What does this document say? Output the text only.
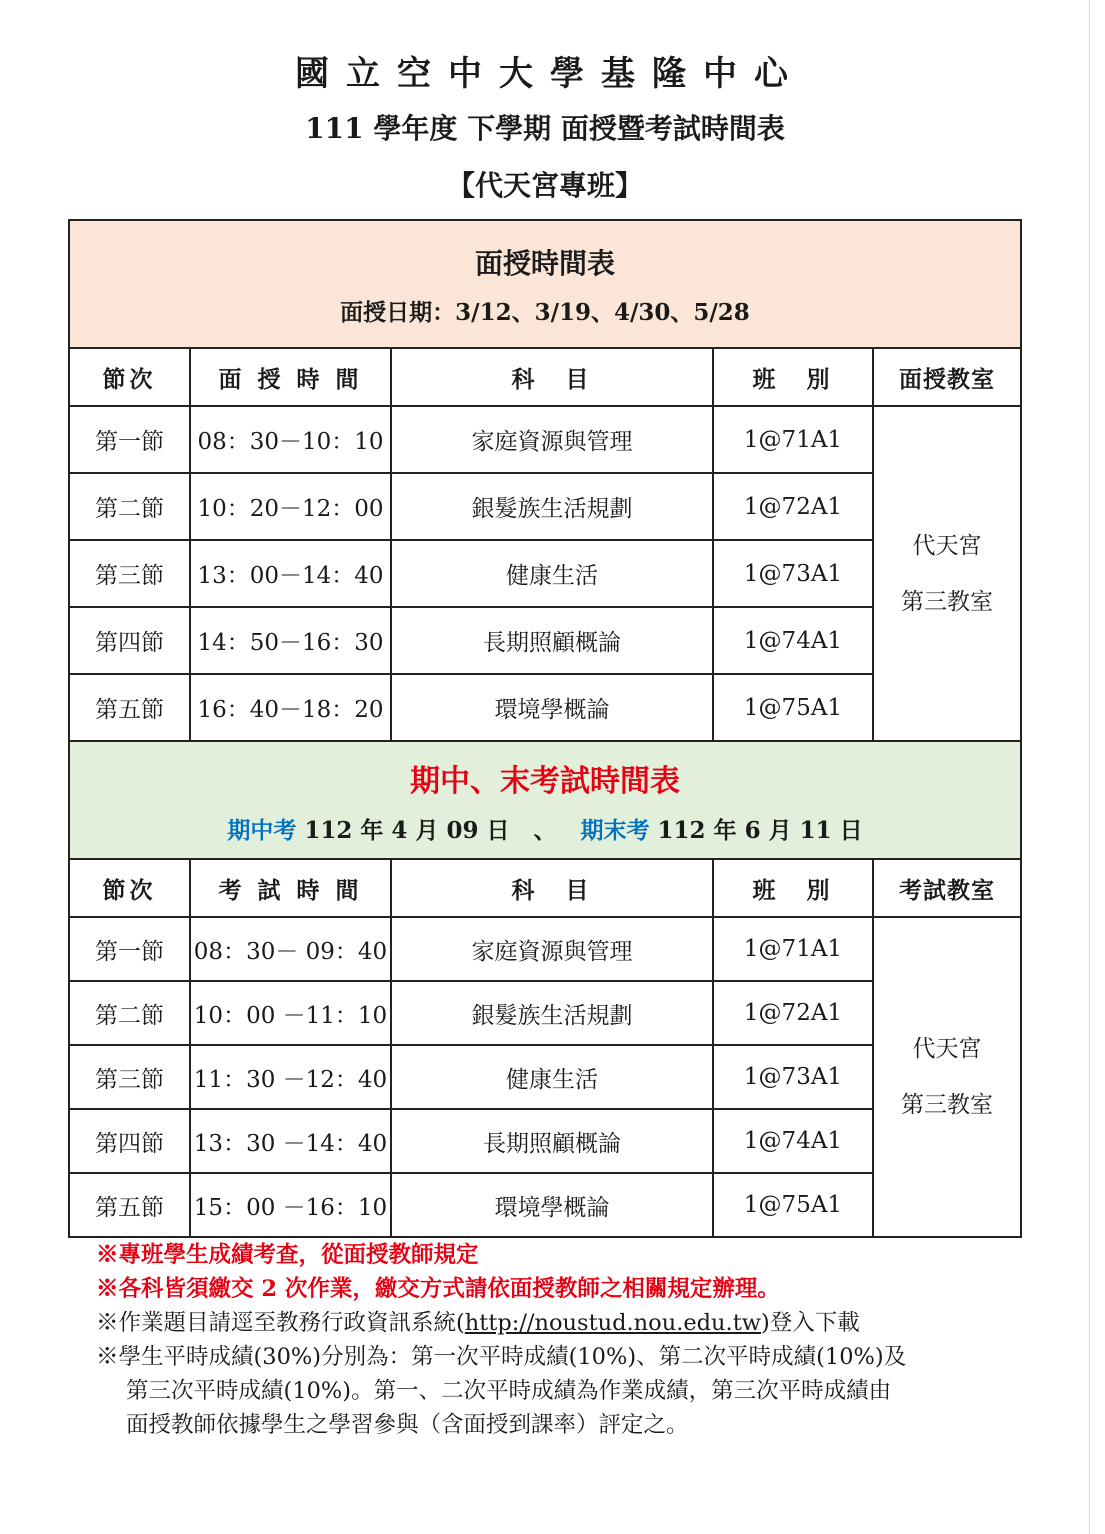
國立空中大學基隆中心
111 學年度 下學期 面授暨考試時間表
【代天宮專班】
面授時間表
面授日期：3/12、3/19、4/30、5/28				

節次	面 授 時 間	科　目	班　別	面授教室
第一節	08：30－10：10	家庭資源與管理	1@71A1	代天宮
第三教室

第二節	10：20－12：00	銀髮族生活規劃	1@72A1	
第三節	13：00－14：40	健康生活	1@73A1	
第四節	14：50－16：30	長期照顧概論	1@74A1	
第五節	16：40－18：20	環境學概論	1@75A1	

期中、末考試時間表
期中考 112 年 4 月 09 日 、 期末考 112 年 6 月 11 日				

節次	考 試 時 間	科　目	班　別	考試教室
第一節	08：30－ 09：40	家庭資源與管理	1@71A1	代天宮
第三教室

第二節	10：00 －11：10	銀髮族生活規劃	1@72A1	
第三節	11：30 －12：40	健康生活	1@73A1	
第四節	13：30 －14：40	長期照顧概論	1@74A1	
第五節	15：00 －16：10	環境學概論	1@75A1	
※專班學生成績考查，從面授教師規定
※各科皆須繳交 2 次作業，繳交方式請依面授教師之相關規定辦理。
※作業題目請逕至教務行政資訊系統(http://noustud.nou.edu.tw)登入下載
※學生平時成績(30%)分別為：第一次平時成績(10%)、第二次平時成績(10%)及
第三次平時成績(10%)。第一、二次平時成績為作業成績，第三次平時成績由
面授教師依據學生之學習參與（含面授到課率）評定之。
